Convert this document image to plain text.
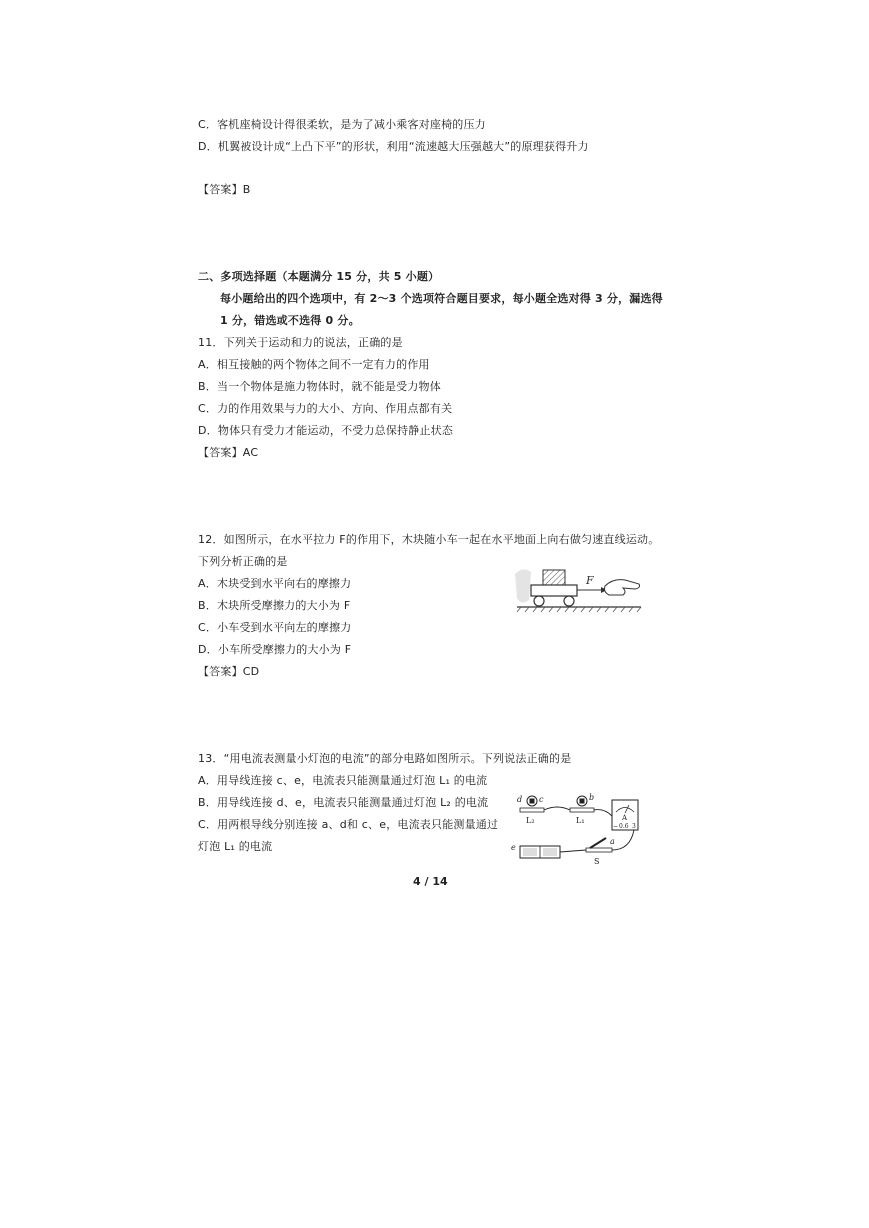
C．客机座椅设计得很柔软，是为了减小乘客对座椅的压力
D．机翼被设计成“上凸下平”的形状，利用“流速越大压强越大”的原理获得升力
【答案】B
二、多项选择题（本题满分 15 分，共 5 小题）
每小题给出的四个选项中，有 2～3 个选项符合题目要求，每小题全选对得 3 分，漏选得
1 分，错选或不选得 0 分。
11．下列关于运动和力的说法，正确的是
A．相互接触的两个物体之间不一定有力的作用
B．当一个物体是施力物体时，就不能是受力物体
C．力的作用效果与力的大小、方向、作用点都有关
D．物体只有受力才能运动，不受力总保持静止状态
【答案】AC
12．如图所示，在水平拉力 F的作用下，木块随小车一起在水平地面上向右做匀速直线运动。
下列分析正确的是
A．木块受到水平向右的摩擦力
B．木块所受摩擦力的大小为 F
C．小车受到水平向左的摩擦力
D．小车所受摩擦力的大小为 F
【答案】CD
F
13．“用电流表测量小灯泡的电流”的部分电路如图所示。下列说法正确的是
A．用导线连接 c、e，电流表只能测量通过灯泡 L₁ 的电流
B．用导线连接 d、e，电流表只能测量通过灯泡 L₂ 的电流
C．用两根导线分别连接 a、d和 c、e，电流表只能测量通过
灯泡 L₁ 的电流
d c
L₂
b
L₁	A
− 0.6 3
e
a
S
4 / 14
